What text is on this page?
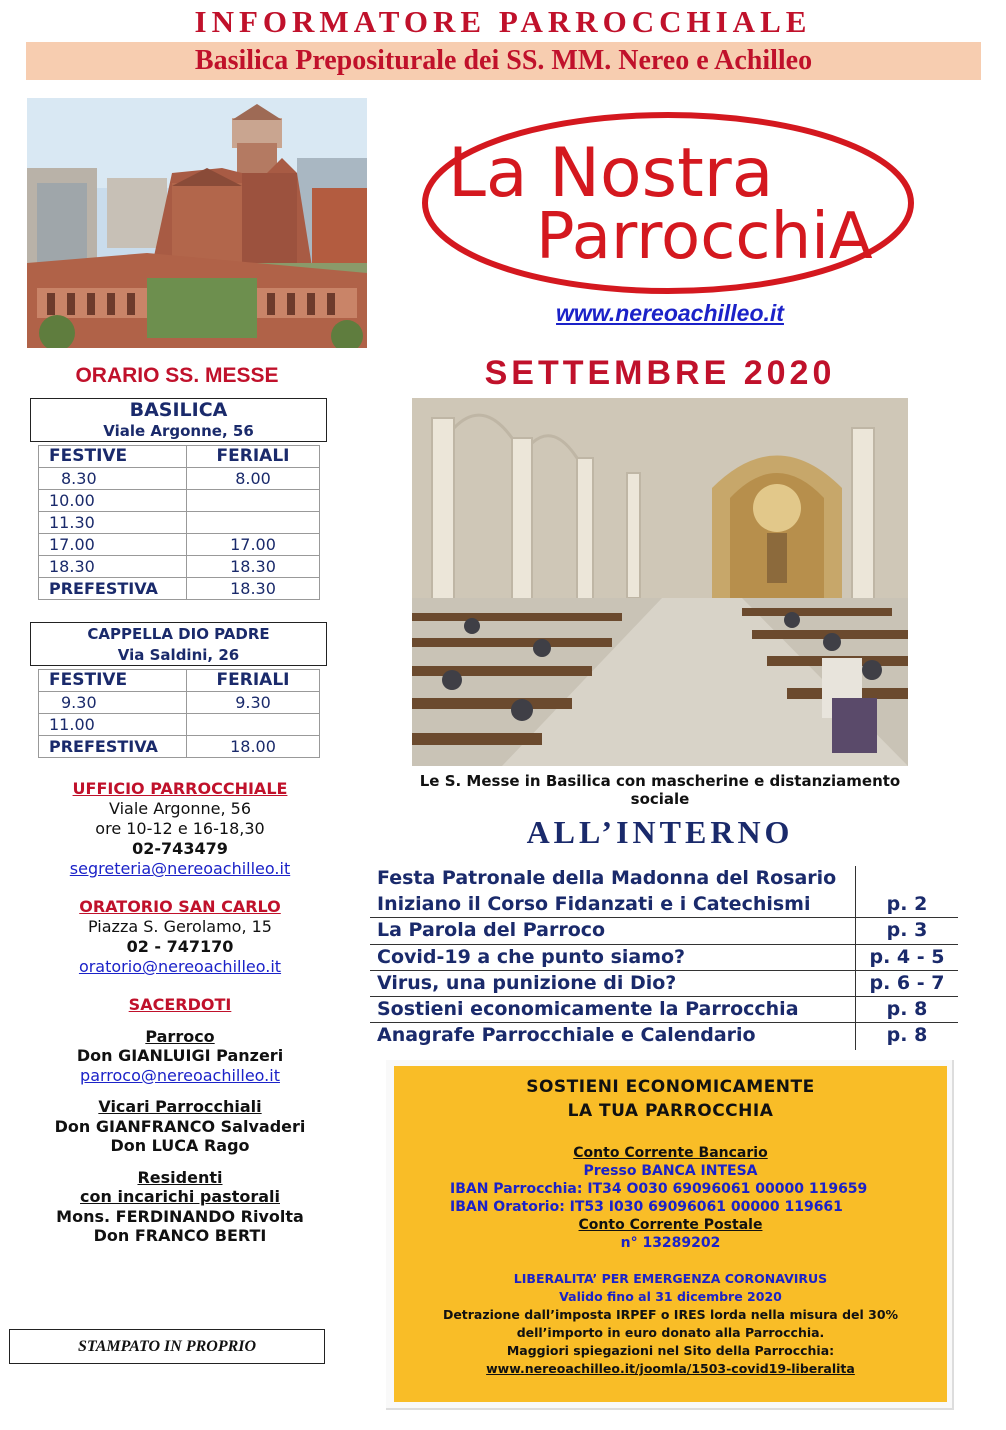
INFORMATORE PARROCCHIALE
Basilica Prepositurale dei SS. MM. Nereo e Achilleo
La Nostra
ParrocchiA
www.nereoachilleo.it
SETTEMBRE 2020
Le S. Messe in Basilica con mascherine e distanziamento sociale
ORARIO SS. MESSE
BASILICA
Viale Argonne, 56
FESTIVE	FERIALI
8.30	8.00
10.00	
11.30	
17.00	17.00
18.30	18.30
PREFESTIVA	18.30
CAPPELLA DIO PADRE
Via Saldini, 26
FESTIVE	FERIALI
9.30	9.30
11.00	
PREFESTIVA	18.00
UFFICIO PARROCCHIALE
Viale Argonne, 56
ore 10-12 e 16-18,30
02-743479
segreteria@nereoachilleo.it
ORATORIO SAN CARLO
Piazza S. Gerolamo, 15
02 - 747170
oratorio@nereoachilleo.it
SACERDOTI
Parroco
Don GIANLUIGI Panzeri
parroco@nereoachilleo.it
Vicari Parrocchiali
Don GIANFRANCO Salvaderi
Don LUCA Rago
Residenti
con incarichi pastorali
Mons. FERDINANDO Rivolta
Don FRANCO BERTI
STAMPATO IN PROPRIO
ALL’INTERNO
Festa Patronale della Madonna del Rosario
Iniziano il Corso Fidanzati e i Catechismi	p. 2
La Parola del Parroco	p. 3
Covid-19 a che punto siamo?	p. 4 - 5
Virus, una punizione di Dio?	p. 6 - 7
Sostieni economicamente la Parrocchia	p. 8
Anagrafe Parrocchiale e Calendario	p. 8
SOSTIENI ECONOMICAMENTE
LA TUA PARROCCHIA
Conto Corrente Bancario
Presso BANCA INTESA
IBAN Parrocchia: IT34 O030 69096061 00000 119659
IBAN Oratorio: IT53 I030 69096061 00000 119661
Conto Corrente Postale
n° 13289202
LIBERALITA’ PER EMERGENZA CORONAVIRUS
Valido fino al 31 dicembre 2020
Detrazione dall’imposta IRPEF o IRES lorda nella misura del 30%
dell’importo in euro donato alla Parrocchia.
Maggiori spiegazioni nel Sito della Parrocchia:
www.nereoachilleo.it/joomla/1503-covid19-liberalita
